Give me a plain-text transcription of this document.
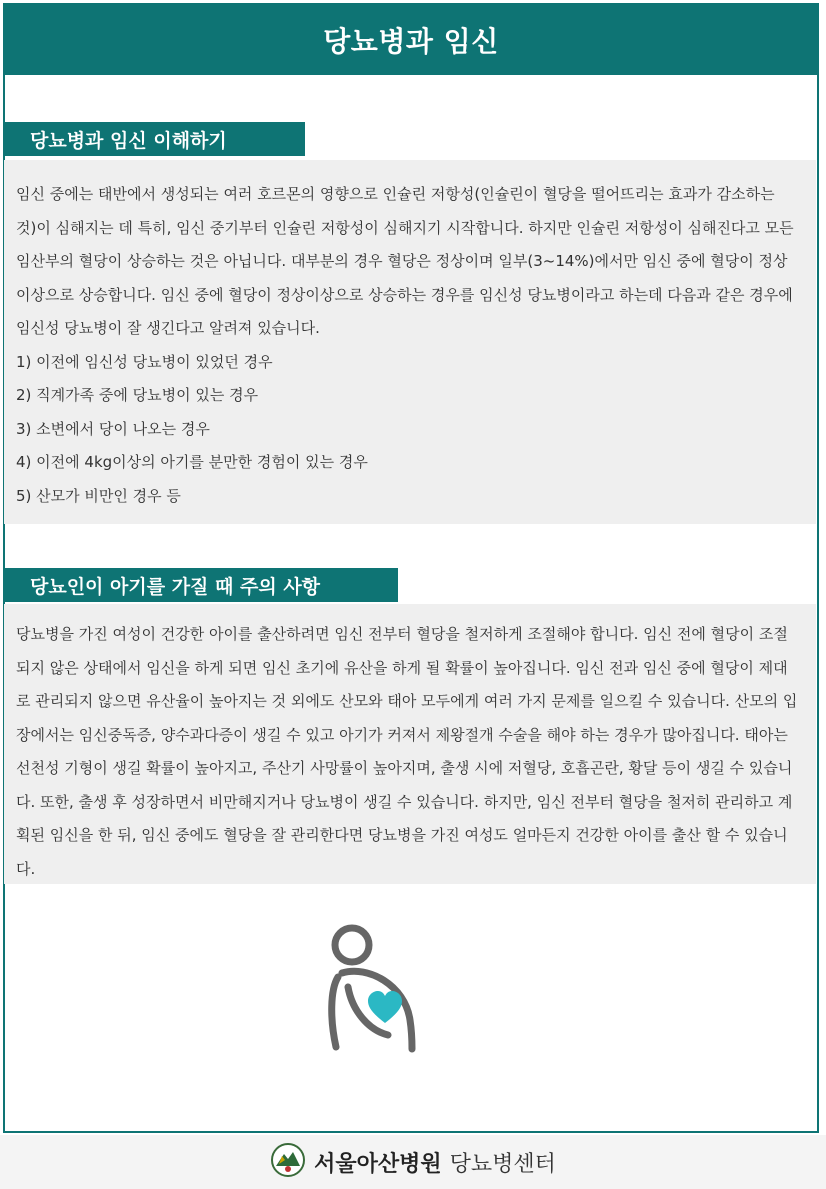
당뇨병과 임신
당뇨병과 임신 이해하기

임신 중에는 태반에서 생성되는 여러 호르몬의 영향으로 인슐린 저항성(인슐린이 혈당을 떨어뜨리는 효과가 감소하는 것)이 심해지는 데 특히, 임신 중기부터 인슐린 저항성이 심해지기 시작합니다. 하지만 인슐린 저항성이 심해진다고 모든 임산부의 혈당이 상승하는 것은 아닙니다. 대부분의 경우 혈당은 정상이며 일부(3~14%)에서만 임신 중에 혈당이 정상 이상으로 상승합니다. 임신 중에 혈당이 정상이상으로 상승하는 경우를 임신성 당뇨병이라고 하는데 다음과 같은 경우에 임신성 당뇨병이 잘 생긴다고 알려져 있습니다.

1) 이전에 임신성 당뇨병이 있었던 경우
2) 직계가족 중에 당뇨병이 있는 경우
3) 소변에서 당이 나오는 경우
4) 이전에 4kg이상의 아기를 분만한 경험이 있는 경우
5) 산모가 비만인 경우 등
당뇨인이 아기를 가질 때 주의 사항

당뇨병을 가진 여성이 건강한 아이를 출산하려면 임신 전부터 혈당을 철저하게 조절해야 합니다. 임신 전에 혈당이 조절되지 않은 상태에서 임신을 하게 되면 임신 초기에 유산을 하게 될 확률이 높아집니다. 임신 전과 임신 중에 혈당이 제대로 관리되지 않으면 유산율이 높아지는 것 외에도 산모와 태아 모두에게 여러 가지 문제를 일으킬 수 있습니다. 산모의 입장에서는 임신중독증, 양수과다증이 생길 수 있고 아기가 커져서 제왕절개 수술을 해야 하는 경우가 많아집니다. 태아는 선천성 기형이 생길 확률이 높아지고, 주산기 사망률이 높아지며, 출생 시에 저혈당, 호흡곤란, 황달 등이 생길 수 있습니다. 또한, 출생 후 성장하면서 비만해지거나 당뇨병이 생길 수 있습니다. 하지만, 임신 전부터 혈당을 철저히 관리하고 계획된 임신을 한 뒤, 임신 중에도 혈당을 잘 관리한다면 당뇨병을 가진 여성도 얼마든지 건강한 아이를 출산 할 수 있습니다.

서울아산병원 당뇨병센터
